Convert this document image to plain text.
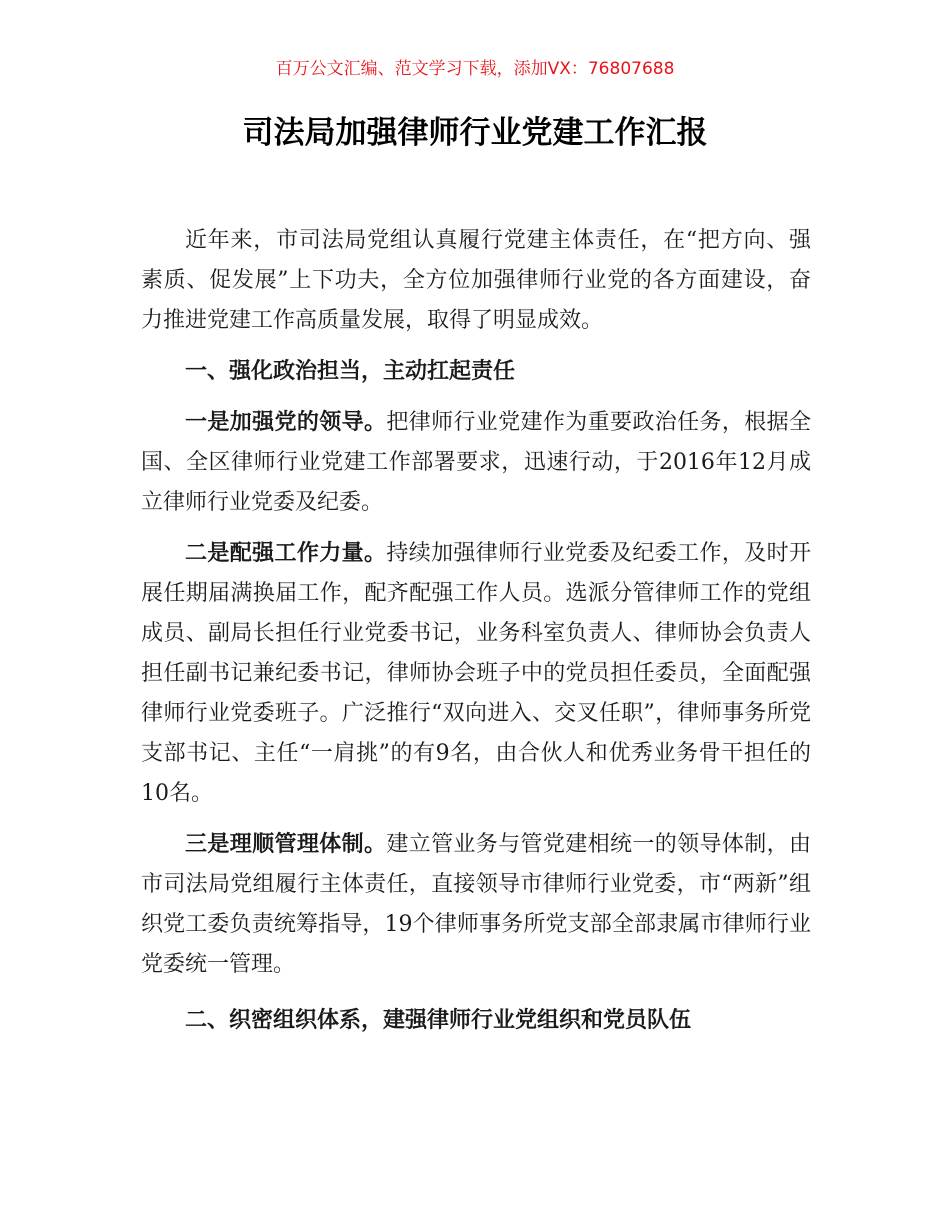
百万公文汇编、范文学习下载，添加VX：76807688
司法局加强律师行业党建工作汇报

近年来，市司法局党组认真履行党建主体责任，在“把方向、强素质、促发展”上下功夫，全方位加强律师行业党的各方面建设，奋力推进党建工作高质量发展，取得了明显成效。

一、强化政治担当，主动扛起责任

一是加强党的领导。把律师行业党建作为重要政治任务，根据全国、全区律师行业党建工作部署要求，迅速行动，于2016年12月成立律师行业党委及纪委。

二是配强工作力量。持续加强律师行业党委及纪委工作，及时开展任期届满换届工作，配齐配强工作人员。选派分管律师工作的党组成员、副局长担任行业党委书记，业务科室负责人、律师协会负责人担任副书记兼纪委书记，律师协会班子中的党员担任委员，全面配强律师行业党委班子。广泛推行“双向进入、交叉任职”，律师事务所党支部书记、主任“一肩挑”的有9名，由合伙人和优秀业务骨干担任的10名。

三是理顺管理体制。建立管业务与管党建相统一的领导体制，由市司法局党组履行主体责任，直接领导市律师行业党委，市“两新”组织党工委负责统筹指导，19个律师事务所党支部全部隶属市律师行业党委统一管理。

二、织密组织体系，建强律师行业党组织和党员队伍
